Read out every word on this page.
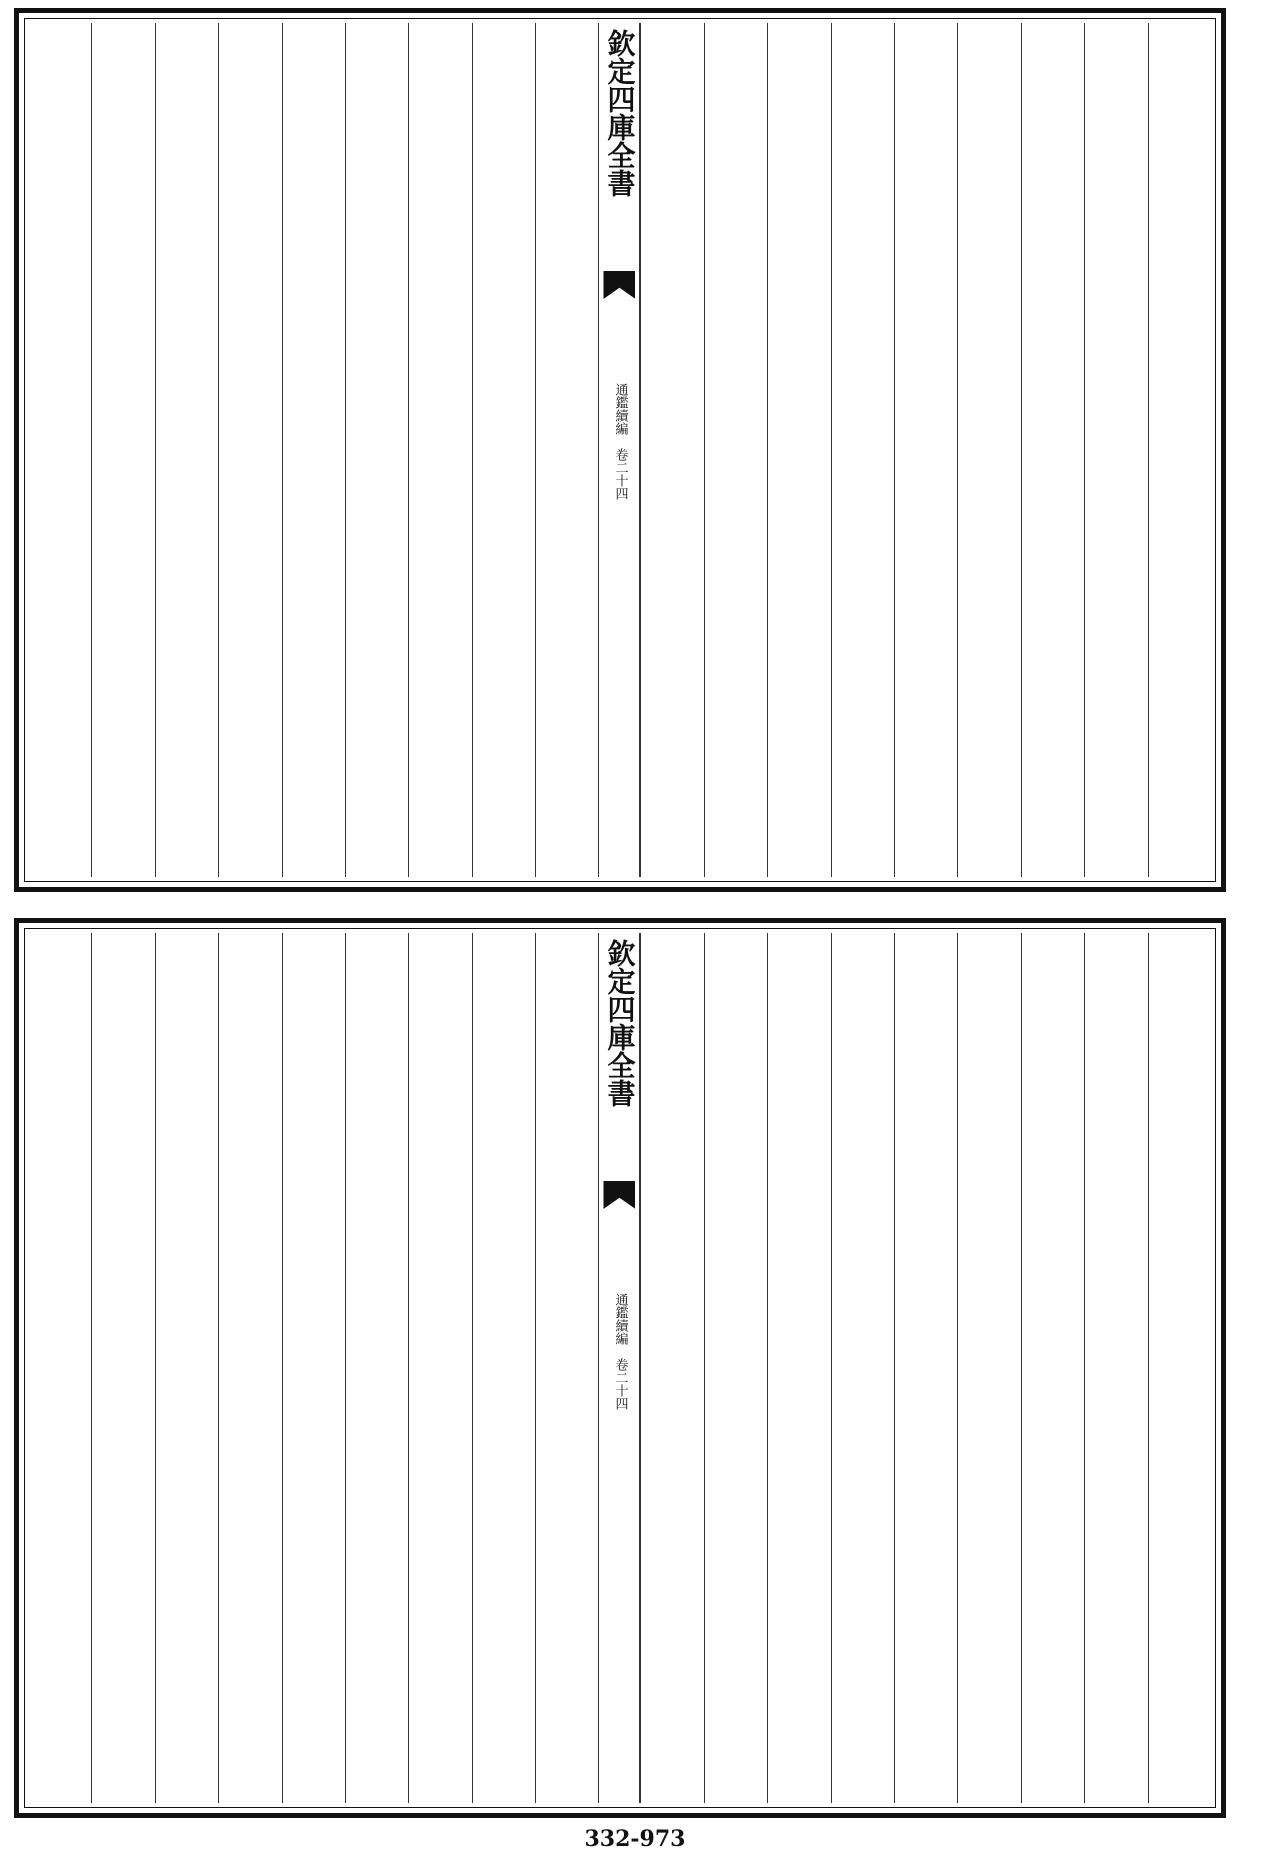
欽定四庫全書
通鑑續編　卷二十四
欽定四庫全書
通鑑續編　卷二十四
332-973
